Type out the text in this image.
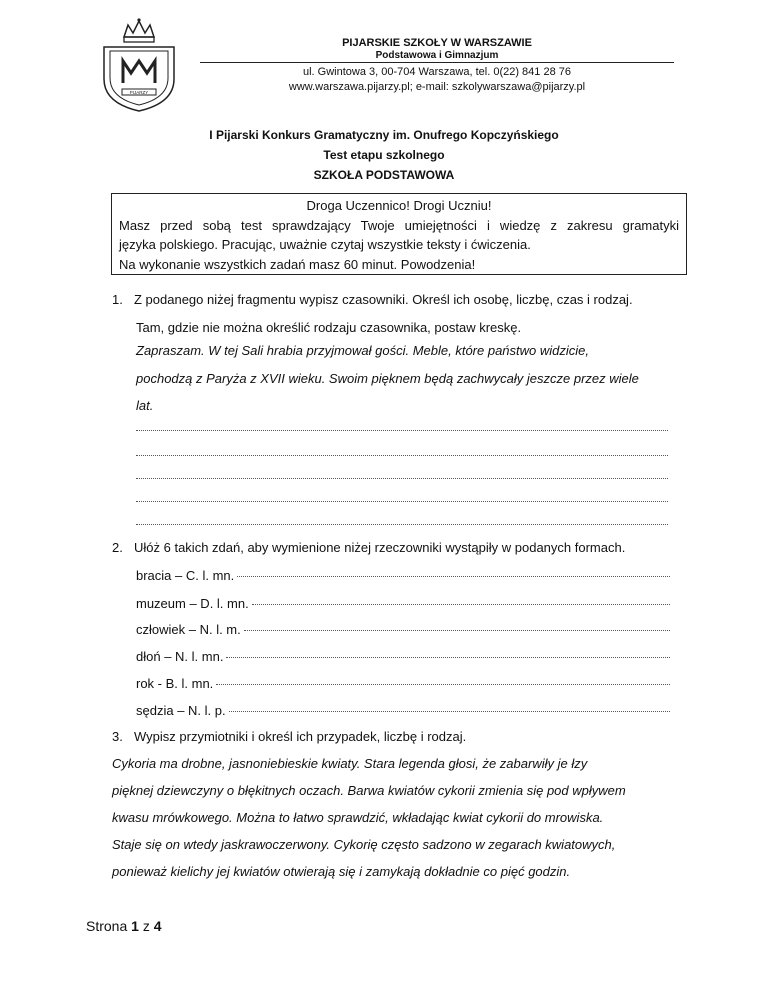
PIJARZY
PIJARSKIE SZKOŁY W WARSZAWIE
Podstawowa i Gimnazjum
ul. Gwintowa 3, 00-704 Warszawa, tel. 0(22) 841 28 76
www.warszawa.pijarzy.pl; e-mail: szkolywarszawa@pijarzy.pl
I Pijarski Konkurs Gramatyczny im. Onufrego Kopczyńskiego
Test etapu szkolnego
SZKOŁA PODSTAWOWA
Droga Uczennico! Drogi Uczniu!
Masz przed sobą test sprawdzający Twoje umiejętności i wiedzę z zakresu gramatyki
języka polskiego. Pracując, uważnie czytaj wszystkie teksty i ćwiczenia.
Na wykonanie wszystkich zadań masz 60 minut. Powodzenia!
1. Z podanego niżej fragmentu wypisz czasowniki. Określ ich osobę, liczbę, czas i rodzaj.
Tam, gdzie nie można określić rodzaju czasownika, postaw kreskę.
Zapraszam. W tej Sali hrabia przyjmował gości. Meble, które państwo widzicie,
pochodzą z Paryża z XVII wieku. Swoim pięknem będą zachwycały jeszcze przez wiele
lat.
2. Ułóż 6 takich zdań, aby wymienione niżej rzeczowniki wystąpiły w podanych formach.
bracia – C. l. mn.
muzeum – D. l. mn.
człowiek – N. l. m.
dłoń – N. l. mn.
rok - B. l. mn.
sędzia – N. l. p.
3. Wypisz przymiotniki i określ ich przypadek, liczbę i rodzaj.
Cykoria ma drobne, jasnoniebieskie kwiaty. Stara legenda głosi, że zabarwiły je łzy
pięknej dziewczyny o błękitnych oczach. Barwa kwiatów cykorii zmienia się pod wpływem
kwasu mrówkowego. Można to łatwo sprawdzić, wkładając kwiat cykorii do mrowiska.
Staje się on wtedy jaskrawoczerwony. Cykorię często sadzono w zegarach kwiatowych,
ponieważ kielichy jej kwiatów otwierają się i zamykają dokładnie co pięć godzin.
Strona 1 z 4
